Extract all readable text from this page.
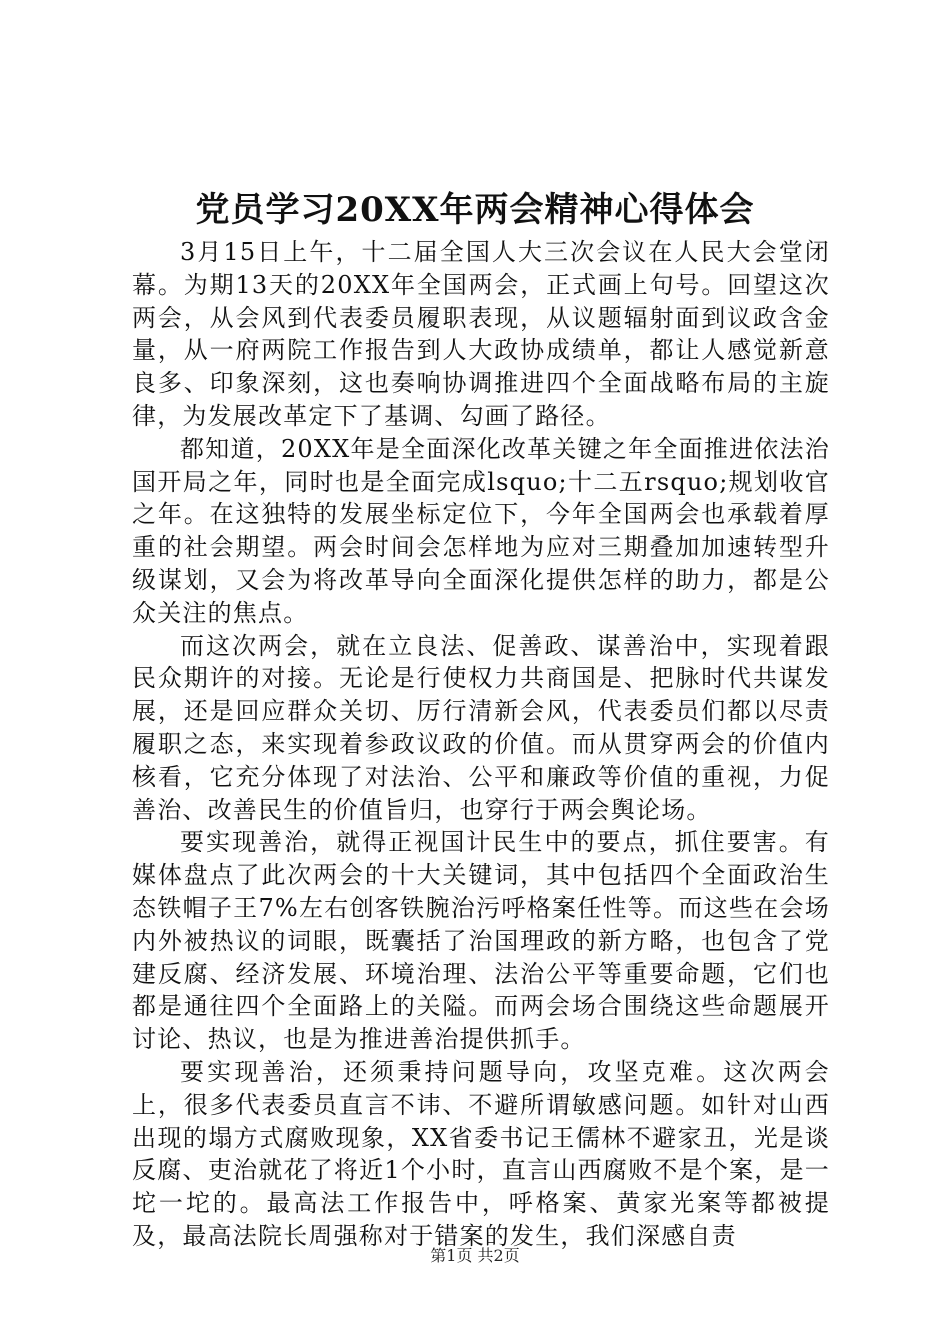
党员学习20XX年两会精神心得体会

3月15日上午，十二届全国人大三次会议在人民大会堂闭幕。为期13天的20XX年全国两会，正式画上句号。回望这次两会，从会风到代表委员履职表现，从议题辐射面到议政含金量，从一府两院工作报告到人大政协成绩单，都让人感觉新意良多、印象深刻，这也奏响协调推进四个全面战略布局的主旋律，为发展改革定下了基调、勾画了路径。

都知道，20XX年是全面深化改革关键之年全面推进依法治国开局之年，同时也是全面完成lsquo;十二五rsquo;规划收官之年。在这独特的发展坐标定位下，今年全国两会也承载着厚重的社会期望。两会时间会怎样地为应对三期叠加加速转型升级谋划，又会为将改革导向全面深化提供怎样的助力，都是公众关注的焦点。

而这次两会，就在立良法、促善政、谋善治中，实现着跟民众期许的对接。无论是行使权力共商国是、把脉时代共谋发展，还是回应群众关切、厉行清新会风，代表委员们都以尽责履职之态，来实现着参政议政的价值。而从贯穿两会的价值内核看，它充分体现了对法治、公平和廉政等价值的重视，力促善治、改善民生的价值旨归，也穿行于两会舆论场。

要实现善治，就得正视国计民生中的要点，抓住要害。有媒体盘点了此次两会的十大关键词，其中包括四个全面政治生态铁帽子王7%左右创客铁腕治污呼格案任性等。而这些在会场内外被热议的词眼，既囊括了治国理政的新方略，也包含了党建反腐、经济发展、环境治理、法治公平等重要命题，它们也都是通往四个全面路上的关隘。而两会场合围绕这些命题展开讨论、热议，也是为推进善治提供抓手。

要实现善治，还须秉持问题导向，攻坚克难。这次两会上，很多代表委员直言不讳、不避所谓敏感问题。如针对山西出现的塌方式腐败现象，XX省委书记王儒林不避家丑，光是谈反腐、吏治就花了将近1个小时，直言山西腐败不是个案，是一坨一坨的。最高法工作报告中，呼格案、黄家光案等都被提及，最高法院长周强称对于错案的发生，我们深感自责

第1页 共2页
